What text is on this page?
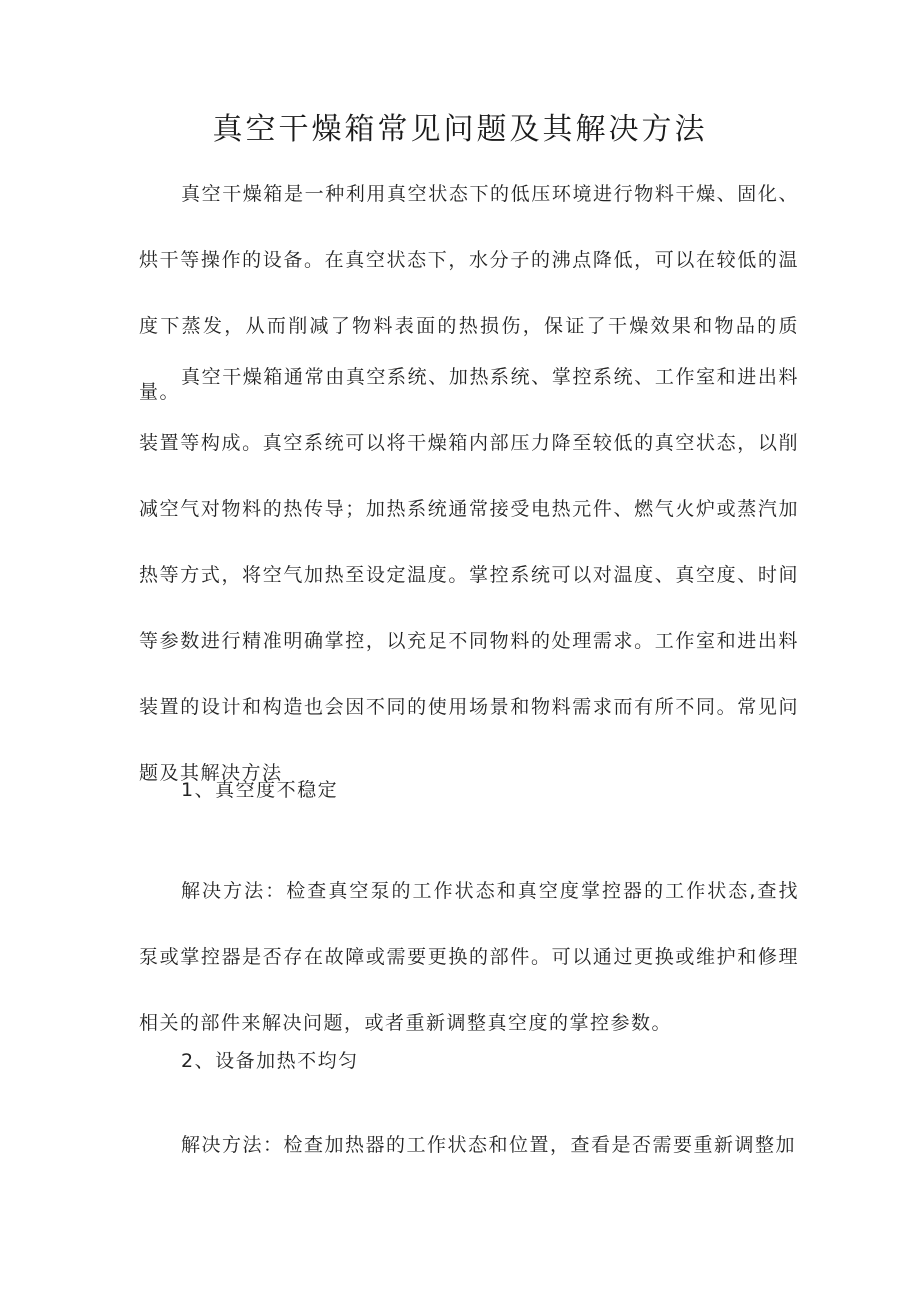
真空干燥箱常见问题及其解决方法

真空干燥箱是一种利用真空状态下的低压环境进行物料干燥、固化、烘干等操作的设备。在真空状态下，水分子的沸点降低，可以在较低的温度下蒸发，从而削减了物料表面的热损伤，保证了干燥效果和物品的质量。

真空干燥箱通常由真空系统、加热系统、掌控系统、工作室和进出料装置等构成。真空系统可以将干燥箱内部压力降至较低的真空状态，以削减空气对物料的热传导；加热系统通常接受电热元件、燃气火炉或蒸汽加热等方式，将空气加热至设定温度。掌控系统可以对温度、真空度、时间等参数进行精准明确掌控，以充足不同物料的处理需求。工作室和进出料装置的设计和构造也会因不同的使用场景和物料需求而有所不同。常见问题及其解决方法

1、真空度不稳定

解决方法：检查真空泵的工作状态和真空度掌控器的工作状态,查找泵或掌控器是否存在故障或需要更换的部件。可以通过更换或维护和修理相关的部件来解决问题，或者重新调整真空度的掌控参数。

2、设备加热不均匀

解决方法：检查加热器的工作状态和位置，查看是否需要重新调整加
